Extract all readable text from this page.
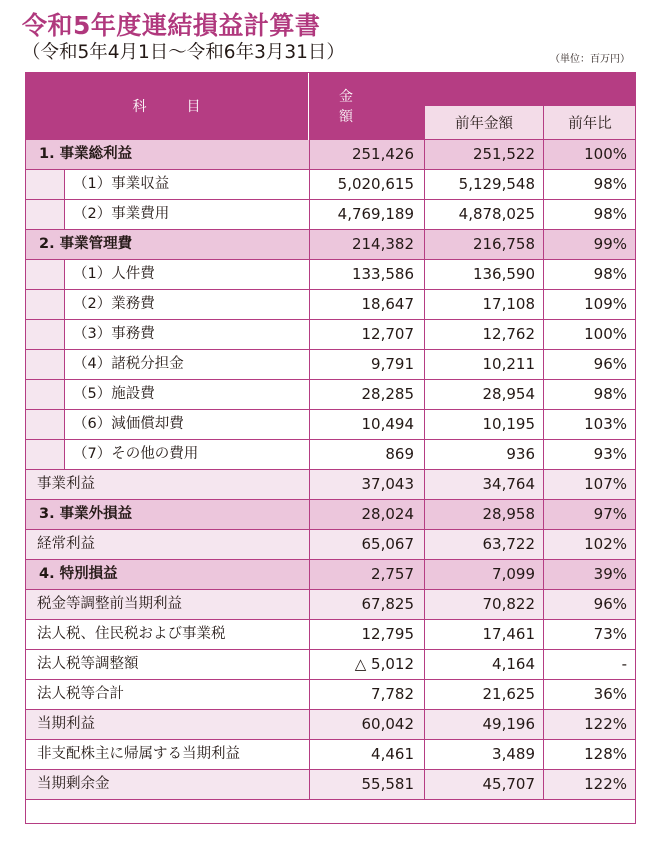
令和5年度連結損益計算書
（令和5年4月1日～令和6年3月31日）	（単位：百万円）
科目
金額	前年金額	前年比
1. 事業総利益	251,426	251,522	100%
（1）事業収益	5,020,615	5,129,548	98%
（2）事業費用	4,769,189	4,878,025	98%
2. 事業管理費	214,382	216,758	99%
（1）人件費	133,586	136,590	98%
（2）業務費	18,647	17,108	109%
（3）事務費	12,707	12,762	100%
（4）諸税分担金	9,791	10,211	96%
（5）施設費	28,285	28,954	98%
（6）減価償却費	10,494	10,195	103%
（7）その他の費用	869	936	93%
事業利益	37,043	34,764	107%
3. 事業外損益	28,024	28,958	97%
経常利益	65,067	63,722	102%
4. 特別損益	2,757	7,099	39%
税金等調整前当期利益	67,825	70,822	96%
法人税、住民税および事業税	12,795	17,461	73%
法人税等調整額	△ 5,012	4,164	-
法人税等合計	7,782	21,625	36%
当期利益	60,042	49,196	122%
非支配株主に帰属する当期利益	4,461	3,489	128%
当期剰余金	55,581	45,707	122%
